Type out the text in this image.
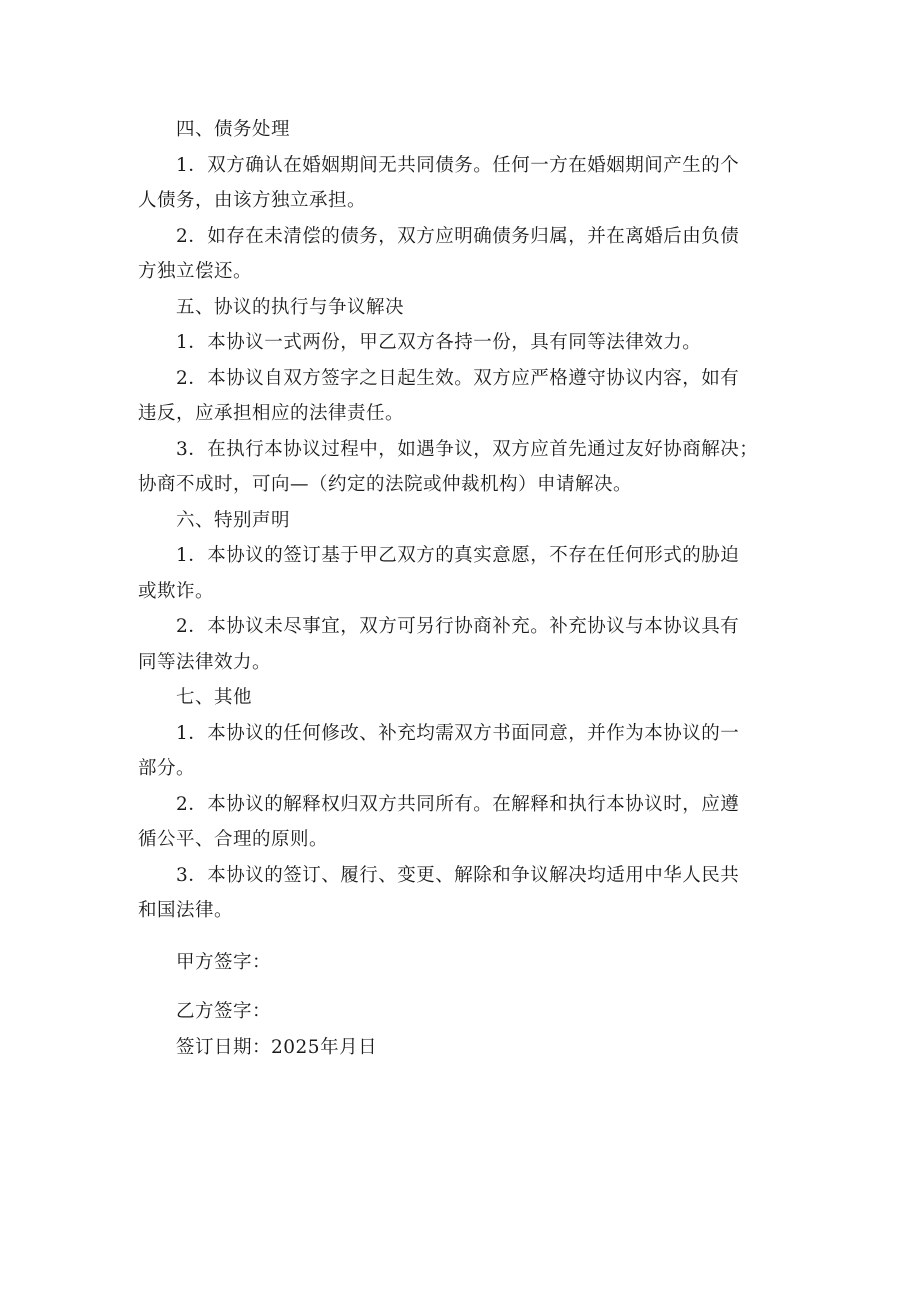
四、债务处理

1．双方确认在婚姻期间无共同债务。任何一方在婚姻期间产生的个

人债务，由该方独立承担。

2．如存在未清偿的债务，双方应明确债务归属，并在离婚后由负债

方独立偿还。

五、协议的执行与争议解决

1．本协议一式两份，甲乙双方各持一份，具有同等法律效力。

2．本协议自双方签字之日起生效。双方应严格遵守协议内容，如有

违反，应承担相应的法律责任。

3．在执行本协议过程中，如遇争议，双方应首先通过友好协商解决；

协商不成时，可向—（约定的法院或仲裁机构）申请解决。

六、特别声明

1．本协议的签订基于甲乙双方的真实意愿，不存在任何形式的胁迫

或欺诈。

2．本协议未尽事宜，双方可另行协商补充。补充协议与本协议具有

同等法律效力。

七、其他

1．本协议的任何修改、补充均需双方书面同意，并作为本协议的一

部分。

2．本协议的解释权归双方共同所有。在解释和执行本协议时，应遵

循公平、合理的原则。

3．本协议的签订、履行、变更、解除和争议解决均适用中华人民共

和国法律。

甲方签字：

乙方签字：

签订日期：2025年月日
